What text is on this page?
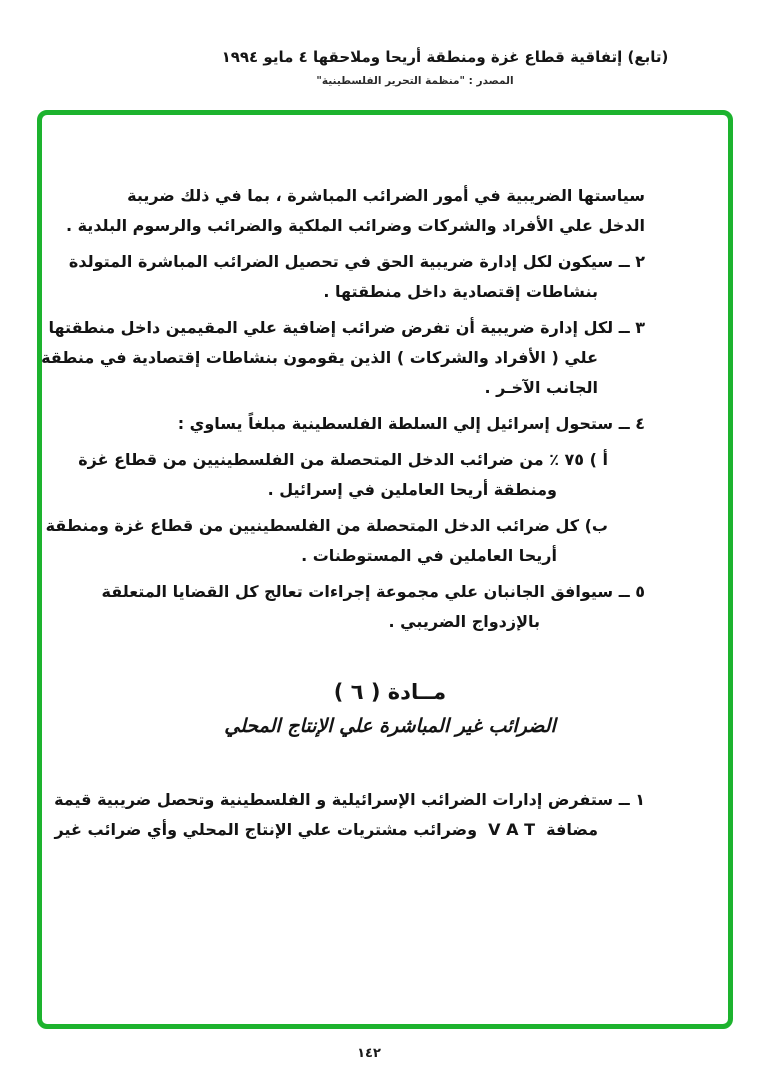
(تابع) إتفاقية قطاع غزة ومنطقة أريحا وملاحقها ٤ مايو ١٩٩٤
المصدر : "منظمة التحرير الفلسطينية"
سياستها الضريبية في أمور الضرائب المباشرة ، بما في ذلك ضريبة
الدخل علي الأفراد والشركات وضرائب الملكية والضرائب والرسوم البلدية .
٢ ــ سيكون لكل إدارة ضريبية الحق في تحصيل الضرائب المباشرة المتولدة
بنشاطات إقتصادية داخل منطقتها .
٣ ــ لكل إدارة ضريبية أن تفرض ضرائب إضافية علي المقيمين داخل منطقتها
علي ( الأفراد والشركات ) الذين يقومون بنشاطات إقتصادية في منطقة
الجانب الآخـر .
٤ ــ ستحول إسرائيل إلي السلطة الفلسطينية مبلغاً يساوي :
أ ) ٧٥ ٪ من ضرائب الدخل المتحصلة من الفلسطينيين من قطاع غزة
ومنطقة أريحا العاملين في إسرائيل .
ب) كل ضرائب الدخل المتحصلة من الفلسطينيين من قطاع غزة ومنطقة
أريحا العاملين في المستوطنات .
٥ ــ سيوافق الجانبان علي مجموعة إجراءات تعالج كل القضايا المتعلقة
بالإزدواج الضريبي .
مــادة ( ٦ )
الضرائب غير المباشرة علي الإنتاج المحلي
١ ــ ستفرض إدارات الضرائب الإسرائيلية و الفلسطينية وتحصل ضريبية قيمة
مضافة  V A T  وضرائب مشتريات علي الإنتاج المحلي وأي ضرائب غير
١٤٢
